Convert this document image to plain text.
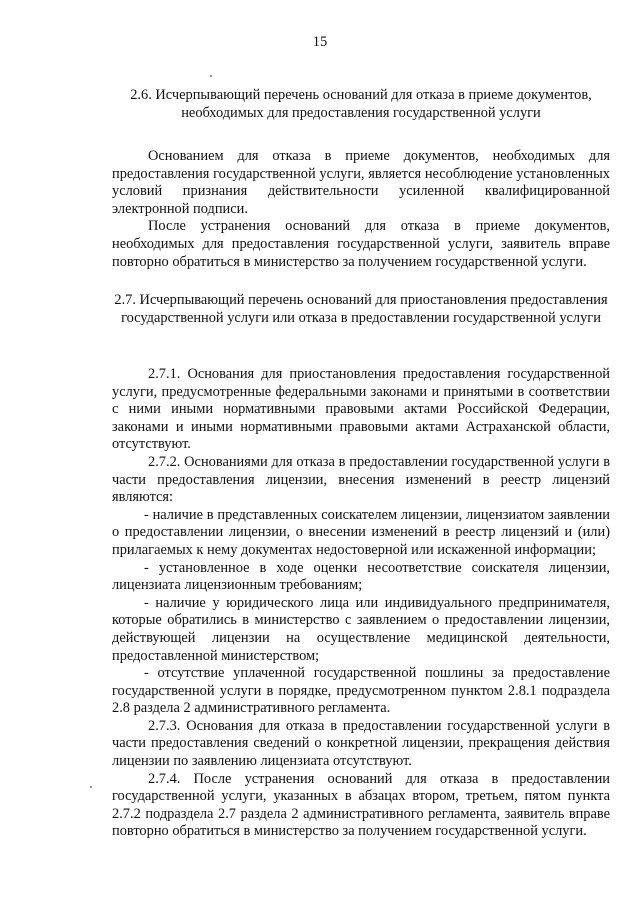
15
2.6. Исчерпывающий перечень оснований для отказа в приеме документов, необходимых для предоставления государственной услуги

Основанием для отказа в приеме документов, необходимых для предоставления государственной услуги, является несоблюдение установленных условий признания действительности усиленной квалифицированной электронной подписи.

После устранения оснований для отказа в приеме документов, необходимых для предоставления государственной услуги, заявитель вправе повторно обратиться в министерство за получением государственной услуги.

2.7. Исчерпывающий перечень оснований для приостановления предоставления государственной услуги или отказа в предоставлении государственной услуги

2.7.1. Основания для приостановления предоставления государственной услуги, предусмотренные федеральными законами и принятыми в соответствии с ними иными нормативными правовыми актами Российской Федерации, законами и иными нормативными правовыми актами Астраханской области, отсутствуют.

2.7.2. Основаниями для отказа в предоставлении государственной услуги в части предоставления лицензии, внесения изменений в реестр лицензий являются:

- наличие в представленных соискателем лицензии, лицензиатом заявлении о предоставлении лицензии, о внесении изменений в реестр лицензий и (или) прилагаемых к нему документах недостоверной или искаженной информации;

- установленное в ходе оценки несоответствие соискателя лицензии, лицензиата лицензионным требованиям;

- наличие у юридического лица или индивидуального предпринимателя, которые обратились в министерство с заявлением о предоставлении лицензии, действующей лицензии на осуществление медицинской деятельности, предоставленной министерством;

- отсутствие уплаченной государственной пошлины за предоставление государственной услуги в порядке, предусмотренном пунктом 2.8.1 подраздела 2.8 раздела 2 административного регламента.

2.7.3. Основания для отказа в предоставлении государственной услуги в части предоставления сведений о конкретной лицензии, прекращения действия лицензии по заявлению лицензиата отсутствуют.

2.7.4. После устранения оснований для отказа в предоставлении государственной услуги, указанных в абзацах втором, третьем, пятом пункта 2.7.2 подраздела 2.7 раздела 2 административного регламента, заявитель вправе повторно обратиться в министерство за получением государственной услуги.
